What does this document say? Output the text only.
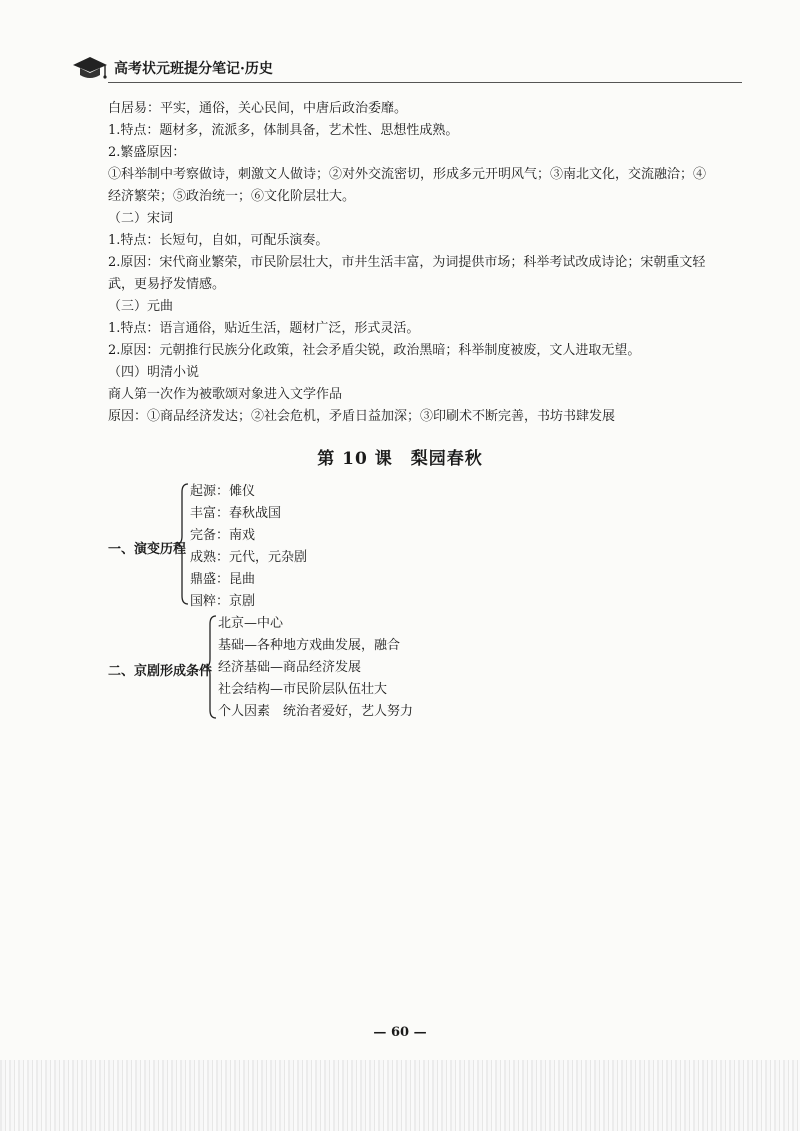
高考状元班提分笔记·历史
白居易：平实，通俗，关心民间，中唐后政治委靡。
1.特点：题材多，流派多，体制具备，艺术性、思想性成熟。
2.繁盛原因：
①科举制中考察做诗，刺激文人做诗；②对外交流密切，形成多元开明风气；③南北文化，交流融洽；④经济繁荣；⑤政治统一；⑥文化阶层壮大。
（二）宋词
1.特点：长短句，自如，可配乐演奏。
2.原因：宋代商业繁荣，市民阶层壮大，市井生活丰富，为词提供市场；科举考试改成诗论；宋朝重文轻武，更易抒发情感。
（三）元曲
1.特点：语言通俗，贴近生活，题材广泛，形式灵活。
2.原因：元朝推行民族分化政策，社会矛盾尖锐，政治黑暗；科举制度被废，文人进取无望。
（四）明清小说
商人第一次作为被歌颂对象进入文学作品
原因：①商品经济发达；②社会危机，矛盾日益加深；③印刷术不断完善，书坊书肆发展
第 10 课　梨园春秋
一、演变历程
起源：傩仪
丰富：春秋战国
完备：南戏
成熟：元代，元杂剧
鼎盛：昆曲
国粹：京剧
二、京剧形成条件
北京—中心
基础—各种地方戏曲发展，融合
经济基础—商品经济发展
社会结构—市民阶层队伍壮大
个人因素　统治者爱好，艺人努力
— 60 —
